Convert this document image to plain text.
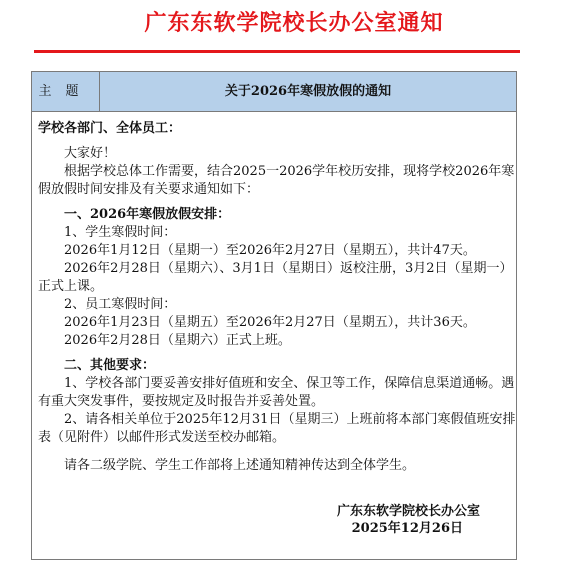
广东东软学院校长办公室通知
主题	关于2026年寒假放假的通知

学校各部门、全体员工：

大家好！

根据学校总体工作需要，结合2025一2026学年校历安排，现将学校2026年寒假放假时间安排及有关要求通知如下：

一、2026年寒假放假安排：

1、学生寒假时间：

2026年1月12日（星期一）至2026年2月27日（星期五），共计47天。

2026年2月28日（星期六）、3月1日（星期日）返校注册，3月2日（星期一）正式上课。

2、员工寒假时间：

2026年1月23日（星期五）至2026年2月27日（星期五），共计36天。

2026年2月28日（星期六）正式上班。

二、其他要求：

1、学校各部门要妥善安排好值班和安全、保卫等工作，保障信息渠道通畅。遇有重大突发事件，要按规定及时报告并妥善处置。

2、请各相关单位于2025年12月31日（星期三）上班前将本部门寒假值班安排表（见附件）以邮件形式发送至校办邮箱。

请各二级学院、学生工作部将上述通知精神传达到全体学生。

广东东软学院校长办公室

2025年12月26日
